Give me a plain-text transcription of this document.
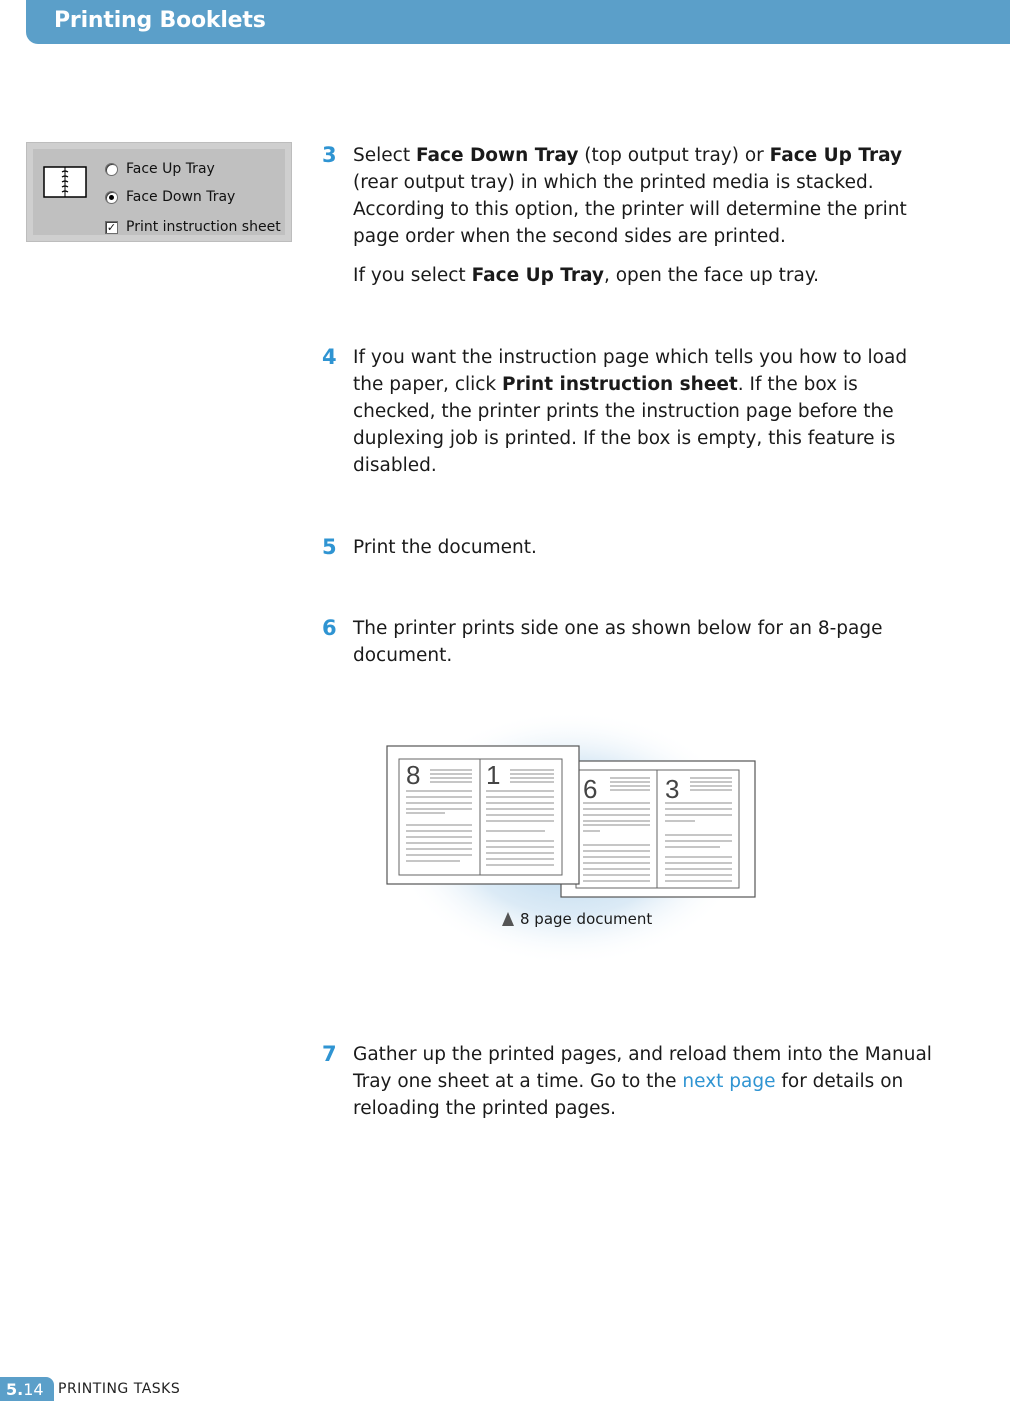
Printing Booklets
Face Up Tray
Face Down Tray
✓ Print instruction sheet
3 Select Face Down Tray (top output tray) or Face Up Tray (rear output tray) in which the printed media is stacked. According to this option, the printer will determine the print page order when the second sides are printed.

If you select Face Up Tray, open the face up tray.

4 If you want the instruction page which tells you how to load the paper, click Print instruction sheet. If the box is checked, the printer prints the instruction page before the duplexing job is printed. If the box is empty, this feature is disabled.

5 Print the document.
6 The printer prints side one as shown below for an 8-page document.
6	3
8	1
8 page document
7 Gather up the printed pages, and reload them into the Manual Tray one sheet at a time. Go to the next page for details on reloading the printed pages.

5. 14 PRINTING TASKS
